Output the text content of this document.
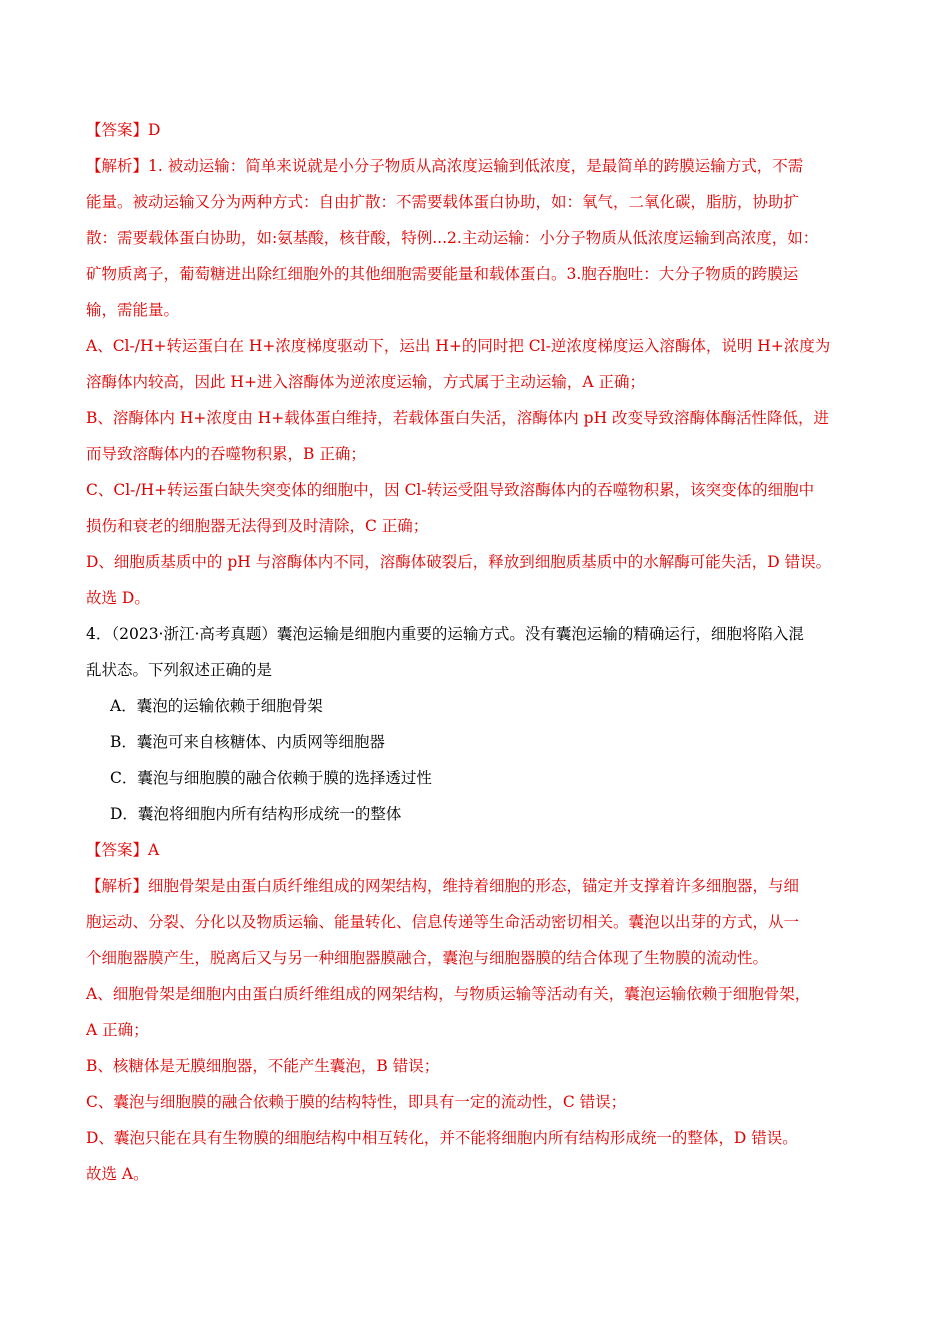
【答案】D
【解析】1. 被动运输：简单来说就是小分子物质从高浓度运输到低浓度，是最简单的跨膜运输方式，不需
能量。被动运输又分为两种方式：自由扩散：不需要载体蛋白协助，如：氧气，二氧化碳，脂肪，协助扩
散：需要载体蛋白协助，如:氨基酸，核苷酸，特例...2.主动运输：小分子物质从低浓度运输到高浓度，如：
矿物质离子，葡萄糖进出除红细胞外的其他细胞需要能量和载体蛋白。3.胞吞胞吐：大分子物质的跨膜运
输，需能量。
A、Cl-/H+转运蛋白在 H+浓度梯度驱动下，运出 H+的同时把 Cl-逆浓度梯度运入溶酶体，说明 H+浓度为
溶酶体内较高，因此 H+进入溶酶体为逆浓度运输，方式属于主动运输，A 正确；
B、溶酶体内 H+浓度由 H+载体蛋白维持，若载体蛋白失活，溶酶体内 pH 改变导致溶酶体酶活性降低，进
而导致溶酶体内的吞噬物积累，B 正确；
C、Cl-/H+转运蛋白缺失突变体的细胞中，因 Cl-转运受阻导致溶酶体内的吞噬物积累，该突变体的细胞中
损伤和衰老的细胞器无法得到及时清除，C 正确；
D、细胞质基质中的 pH 与溶酶体内不同，溶酶体破裂后，释放到细胞质基质中的水解酶可能失活，D 错误。
故选 D。
4．（2023·浙江·高考真题）囊泡运输是细胞内重要的运输方式。没有囊泡运输的精确运行，细胞将陷入混
乱状态。下列叙述正确的是
A．囊泡的运输依赖于细胞骨架
B．囊泡可来自核糖体、内质网等细胞器
C．囊泡与细胞膜的融合依赖于膜的选择透过性
D．囊泡将细胞内所有结构形成统一的整体
【答案】A
【解析】细胞骨架是由蛋白质纤维组成的网架结构，维持着细胞的形态，锚定并支撑着许多细胞器，与细
胞运动、分裂、分化以及物质运输、能量转化、信息传递等生命活动密切相关。囊泡以出芽的方式，从一
个细胞器膜产生，脱离后又与另一种细胞器膜融合，囊泡与细胞器膜的结合体现了生物膜的流动性。
A、细胞骨架是细胞内由蛋白质纤维组成的网架结构，与物质运输等活动有关，囊泡运输依赖于细胞骨架，
A 正确；
B、核糖体是无膜细胞器，不能产生囊泡，B 错误；
C、囊泡与细胞膜的融合依赖于膜的结构特性，即具有一定的流动性，C 错误；
D、囊泡只能在具有生物膜的细胞结构中相互转化，并不能将细胞内所有结构形成统一的整体，D 错误。
故选 A。
